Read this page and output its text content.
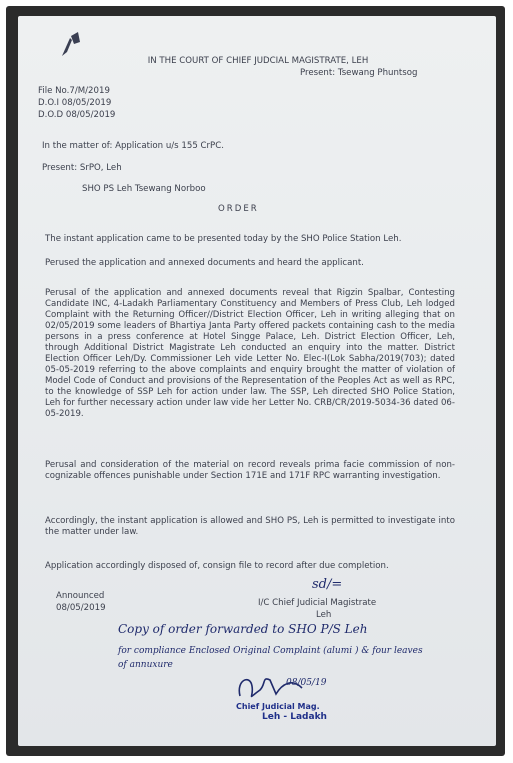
IN THE COURT OF CHIEF JUDCIAL MAGISTRATE, LEH
Present: Tsewang Phuntsog
File No.7/M/2019
D.O.I 08/05/2019
D.O.D 08/05/2019
In the matter of: Application u/s 155 CrPC.
Present: SrPO, Leh
SHO PS Leh Tsewang Norboo
ORDER
The instant application came to be presented today by the SHO Police Station Leh.
Perused the application and annexed documents and heard the applicant.
Perusal of the application and annexed documents reveal that Rigzin Spalbar, Contesting Candidate INC, 4-Ladakh Parliamentary Constituency and Members of Press Club, Leh lodged Complaint with the Returning Officer//District Election Officer, Leh in writing alleging that on 02/05/2019 some leaders of Bhartiya Janta Party offered packets containing cash to the media persons in a press conference at Hotel Singge Palace, Leh. District Election Officer, Leh, through Additional District Magistrate Leh conducted an enquiry into the matter. District Election Officer Leh/Dy. Commissioner Leh vide Letter No. Elec-I(Lok Sabha/2019(703); dated 05-05-2019 referring to the above complaints and enquiry brought the matter of violation of Model Code of Conduct and provisions of the Representation of the Peoples Act as well as RPC, to the knowledge of SSP Leh for action under law. The SSP, Leh directed SHO Police Station, Leh for further necessary action under law vide her Letter No. CRB/CR/2019-5034-36 dated 06-05-2019.
Perusal and consideration of the material on record reveals prima facie commission of non-cognizable offences punishable under Section 171E and 171F RPC warranting investigation.
Accordingly, the instant application is allowed and SHO PS, Leh is permitted to investigate into the matter under law.
Application accordingly disposed of, consign file to record after due completion.
Announced
08/05/2019
sd/=
I/C Chief Judicial Magistrate
Leh
Copy of order forwarded to SHO P/S Leh
for compliance Enclosed Original Complaint (alumi ) & four leaves
of annuxure
08/05/19
Chief Judicial Mag.
Leh - Ladakh
